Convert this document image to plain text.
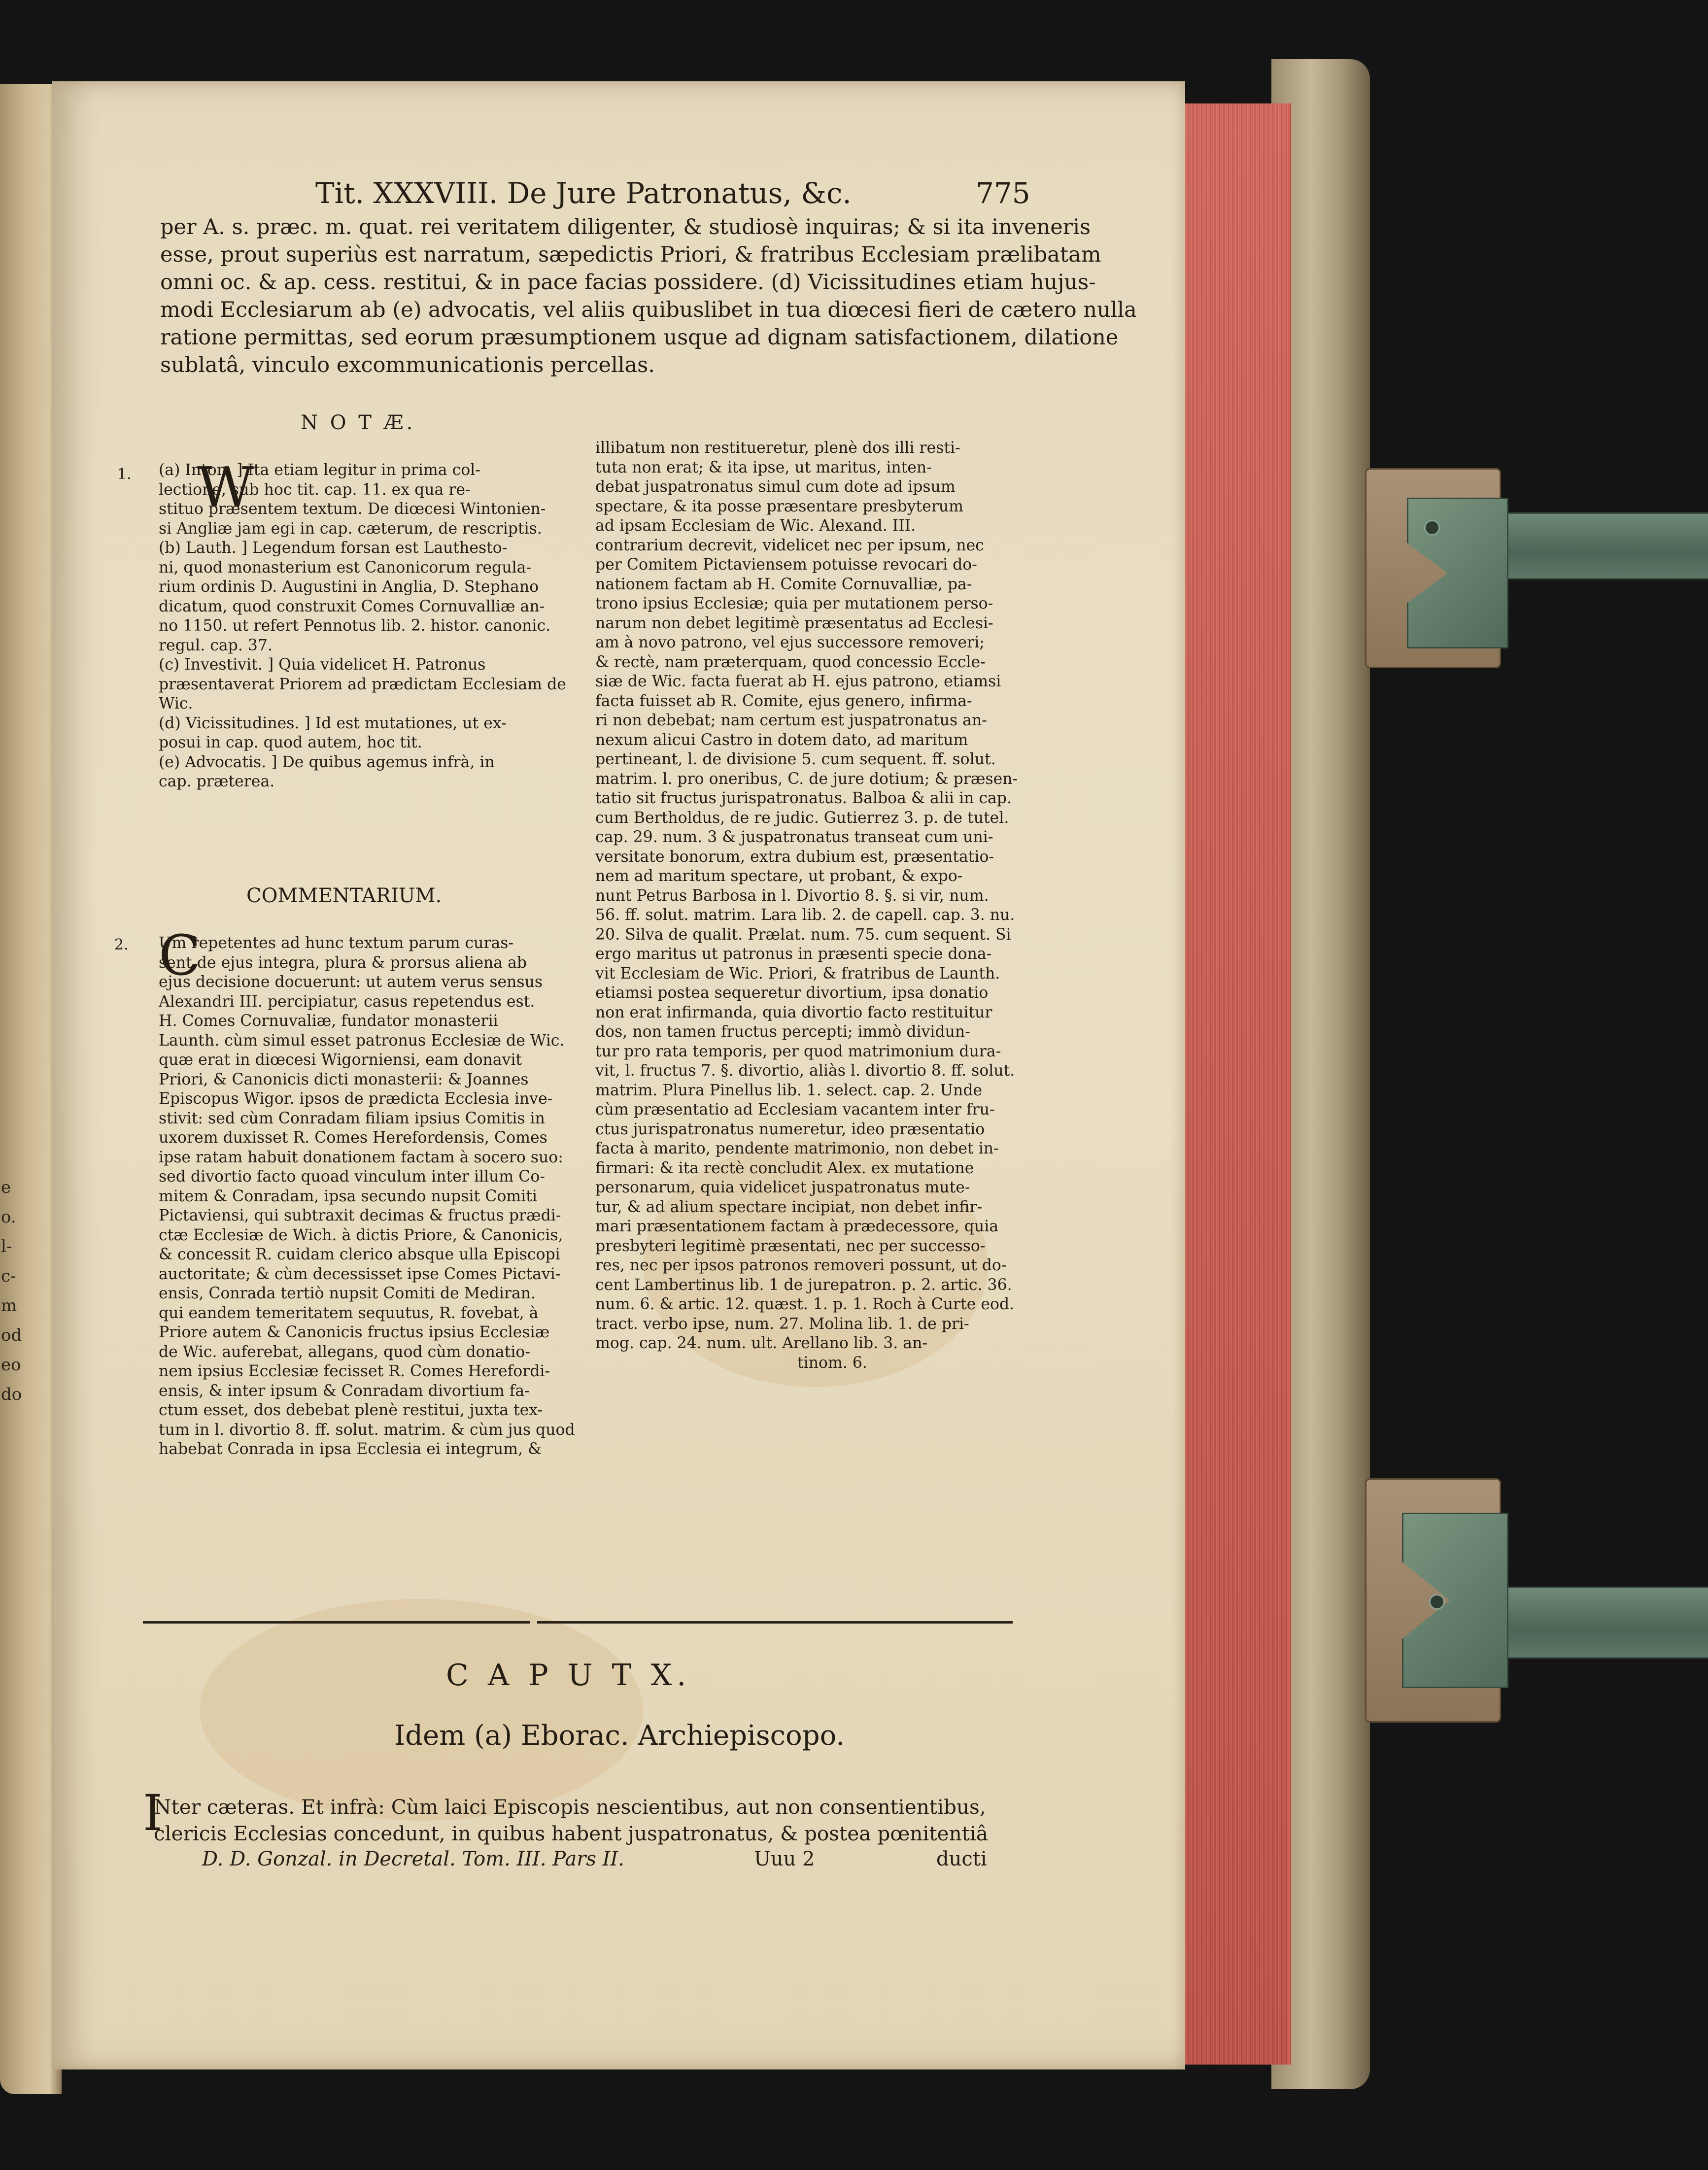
e
o.
l-
c-
m
od
eo
do
Tit. XXXVIII. De Jure Patronatus, &c.	775
per A. s. præc. m. quat. rei veritatem diligenter, & studiosè inquiras; & si ita inveneris
esse, prout superiùs est narratum, sæpedictis Priori, & fratribus Ecclesiam prælibatam
omni oc. & ap. cess. restitui, & in pace facias possidere. (d) Vicissitudines etiam hujus-
modi Ecclesiarum ab (e) advocatis, vel aliis quibuslibet in tua diœcesi fieri de cætero nulla
ratione permittas, sed eorum præsumptionem usque ad dignam satisfactionem, dilatione
sublatâ, vinculo excommunicationis percellas.
N O T Æ.
1. W
(a) Inton. ] Ita etiam legitur in prima col-
lectione, sub hoc tit. cap. 11. ex qua re-
stituo præsentem textum. De diœcesi Wintonien-
si Angliæ jam egi in cap. cæterum, de rescriptis.
(b) Lauth. ] Legendum forsan est Lauthesto-
ni, quod monasterium est Canonicorum regula-
rium ordinis D. Augustini in Anglia, D. Stephano
dicatum, quod construxit Comes Cornuvalliæ an-
no 1150. ut refert Pennotus lib. 2. histor. canonic.
regul. cap. 37.
(c) Investivit. ] Quia videlicet H. Patronus
præsentaverat Priorem ad prædictam Ecclesiam de
Wic.
(d) Vicissitudines. ] Id est mutationes, ut ex-
posui in cap. quod autem, hoc tit.
(e) Advocatis. ] De quibus agemus infrà, in
cap. præterea.
COMMENTARIUM.
2. C
Um repetentes ad hunc textum parum curas-
sent de ejus integra, plura & prorsus aliena ab
ejus decisione docuerunt: ut autem verus sensus
Alexandri III. percipiatur, casus repetendus est.
H. Comes Cornuvaliæ, fundator monasterii
Launth. cùm simul esset patronus Ecclesiæ de Wic.
quæ erat in diœcesi Wigorniensi, eam donavit
Priori, & Canonicis dicti monasterii: & Joannes
Episcopus Wigor. ipsos de prædicta Ecclesia inve-
stivit: sed cùm Conradam filiam ipsius Comitis in
uxorem duxisset R. Comes Herefordensis, Comes
ipse ratam habuit donationem factam à socero suo:
sed divortio facto quoad vinculum inter illum Co-
mitem & Conradam, ipsa secundo nupsit Comiti
Pictaviensi, qui subtraxit decimas & fructus prædi-
ctæ Ecclesiæ de Wich. à dictis Priore, & Canonicis,
& concessit R. cuidam clerico absque ulla Episcopi
auctoritate; & cùm decessisset ipse Comes Pictavi-
ensis, Conrada tertiò nupsit Comiti de Mediran.
qui eandem temeritatem sequutus, R. fovebat, à
Priore autem & Canonicis fructus ipsius Ecclesiæ
de Wic. auferebat, allegans, quod cùm donatio-
nem ipsius Ecclesiæ fecisset R. Comes Herefordi-
ensis, & inter ipsum & Conradam divortium fa-
ctum esset, dos debebat plenè restitui, juxta tex-
tum in l. divortio 8. ff. solut. matrim. & cùm jus quod
habebat Conrada in ipsa Ecclesia ei integrum, &
illibatum non restitueretur, plenè dos illi resti-
tuta non erat; & ita ipse, ut maritus, inten-
debat juspatronatus simul cum dote ad ipsum
spectare, & ita posse præsentare presbyterum
ad ipsam Ecclesiam de Wic. Alexand. III.
contrarium decrevit, videlicet nec per ipsum, nec
per Comitem Pictaviensem potuisse revocari do-
nationem factam ab H. Comite Cornuvalliæ, pa-
trono ipsius Ecclesiæ; quia per mutationem perso-
narum non debet legitimè præsentatus ad Ecclesi-
am à novo patrono, vel ejus successore removeri;
& rectè, nam præterquam, quod concessio Eccle-
siæ de Wic. facta fuerat ab H. ejus patrono, etiamsi
facta fuisset ab R. Comite, ejus genero, infirma-
ri non debebat; nam certum est juspatronatus an-
nexum alicui Castro in dotem dato, ad maritum
pertineant, l. de divisione 5. cum sequent. ff. solut.
matrim. l. pro oneribus, C. de jure dotium; & præsen-
tatio sit fructus jurispatronatus. Balboa & alii in cap.
cum Bertholdus, de re judic. Gutierrez 3. p. de tutel.
cap. 29. num. 3 & juspatronatus transeat cum uni-
versitate bonorum, extra dubium est, præsentatio-
nem ad maritum spectare, ut probant, & expo-
nunt Petrus Barbosa in l. Divortio 8. §. si vir, num.
56. ff. solut. matrim. Lara lib. 2. de capell. cap. 3. nu.
20. Silva de qualit. Prælat. num. 75. cum sequent. Si
ergo maritus ut patronus in præsenti specie dona-
vit Ecclesiam de Wic. Priori, & fratribus de Launth.
etiamsi postea sequeretur divortium, ipsa donatio
non erat infirmanda, quia divortio facto restituitur
dos, non tamen fructus percepti; immò dividun-
tur pro rata temporis, per quod matrimonium dura-
vit, l. fructus 7. §. divortio, aliàs l. divortio 8. ff. solut.
matrim. Plura Pinellus lib. 1. select. cap. 2. Unde
cùm præsentatio ad Ecclesiam vacantem inter fru-
ctus jurispatronatus numeretur, ideo præsentatio
facta à marito, pendente matrimonio, non debet in-
firmari: & ita rectè concludit Alex. ex mutatione
personarum, quia videlicet juspatronatus mute-
tur, & ad alium spectare incipiat, non debet infir-
mari præsentationem factam à prædecessore, quia
presbyteri legitimè præsentati, nec per successo-
res, nec per ipsos patronos removeri possunt, ut do-
cent Lambertinus lib. 1 de jurepatron. p. 2. artic. 36.
num. 6. & artic. 12. quæst. 1. p. 1. Roch à Curte eod.
tract. verbo ipse, num. 27. Molina lib. 1. de pri-
mog. cap. 24. num. ult. Arellano lib. 3. an-
tinom. 6.
C A P U T X.
Idem (a) Eborac. Archiepiscopo.
I
Nter cæteras. Et infrà: Cùm laici Episcopis nescientibus, aut non consentientibus,
clericis Ecclesias concedunt, in quibus habent juspatronatus, & postea pœnitentiâ
D. D. Gonzal. in Decretal. Tom. III. Pars II.	Uuu 2	ducti
